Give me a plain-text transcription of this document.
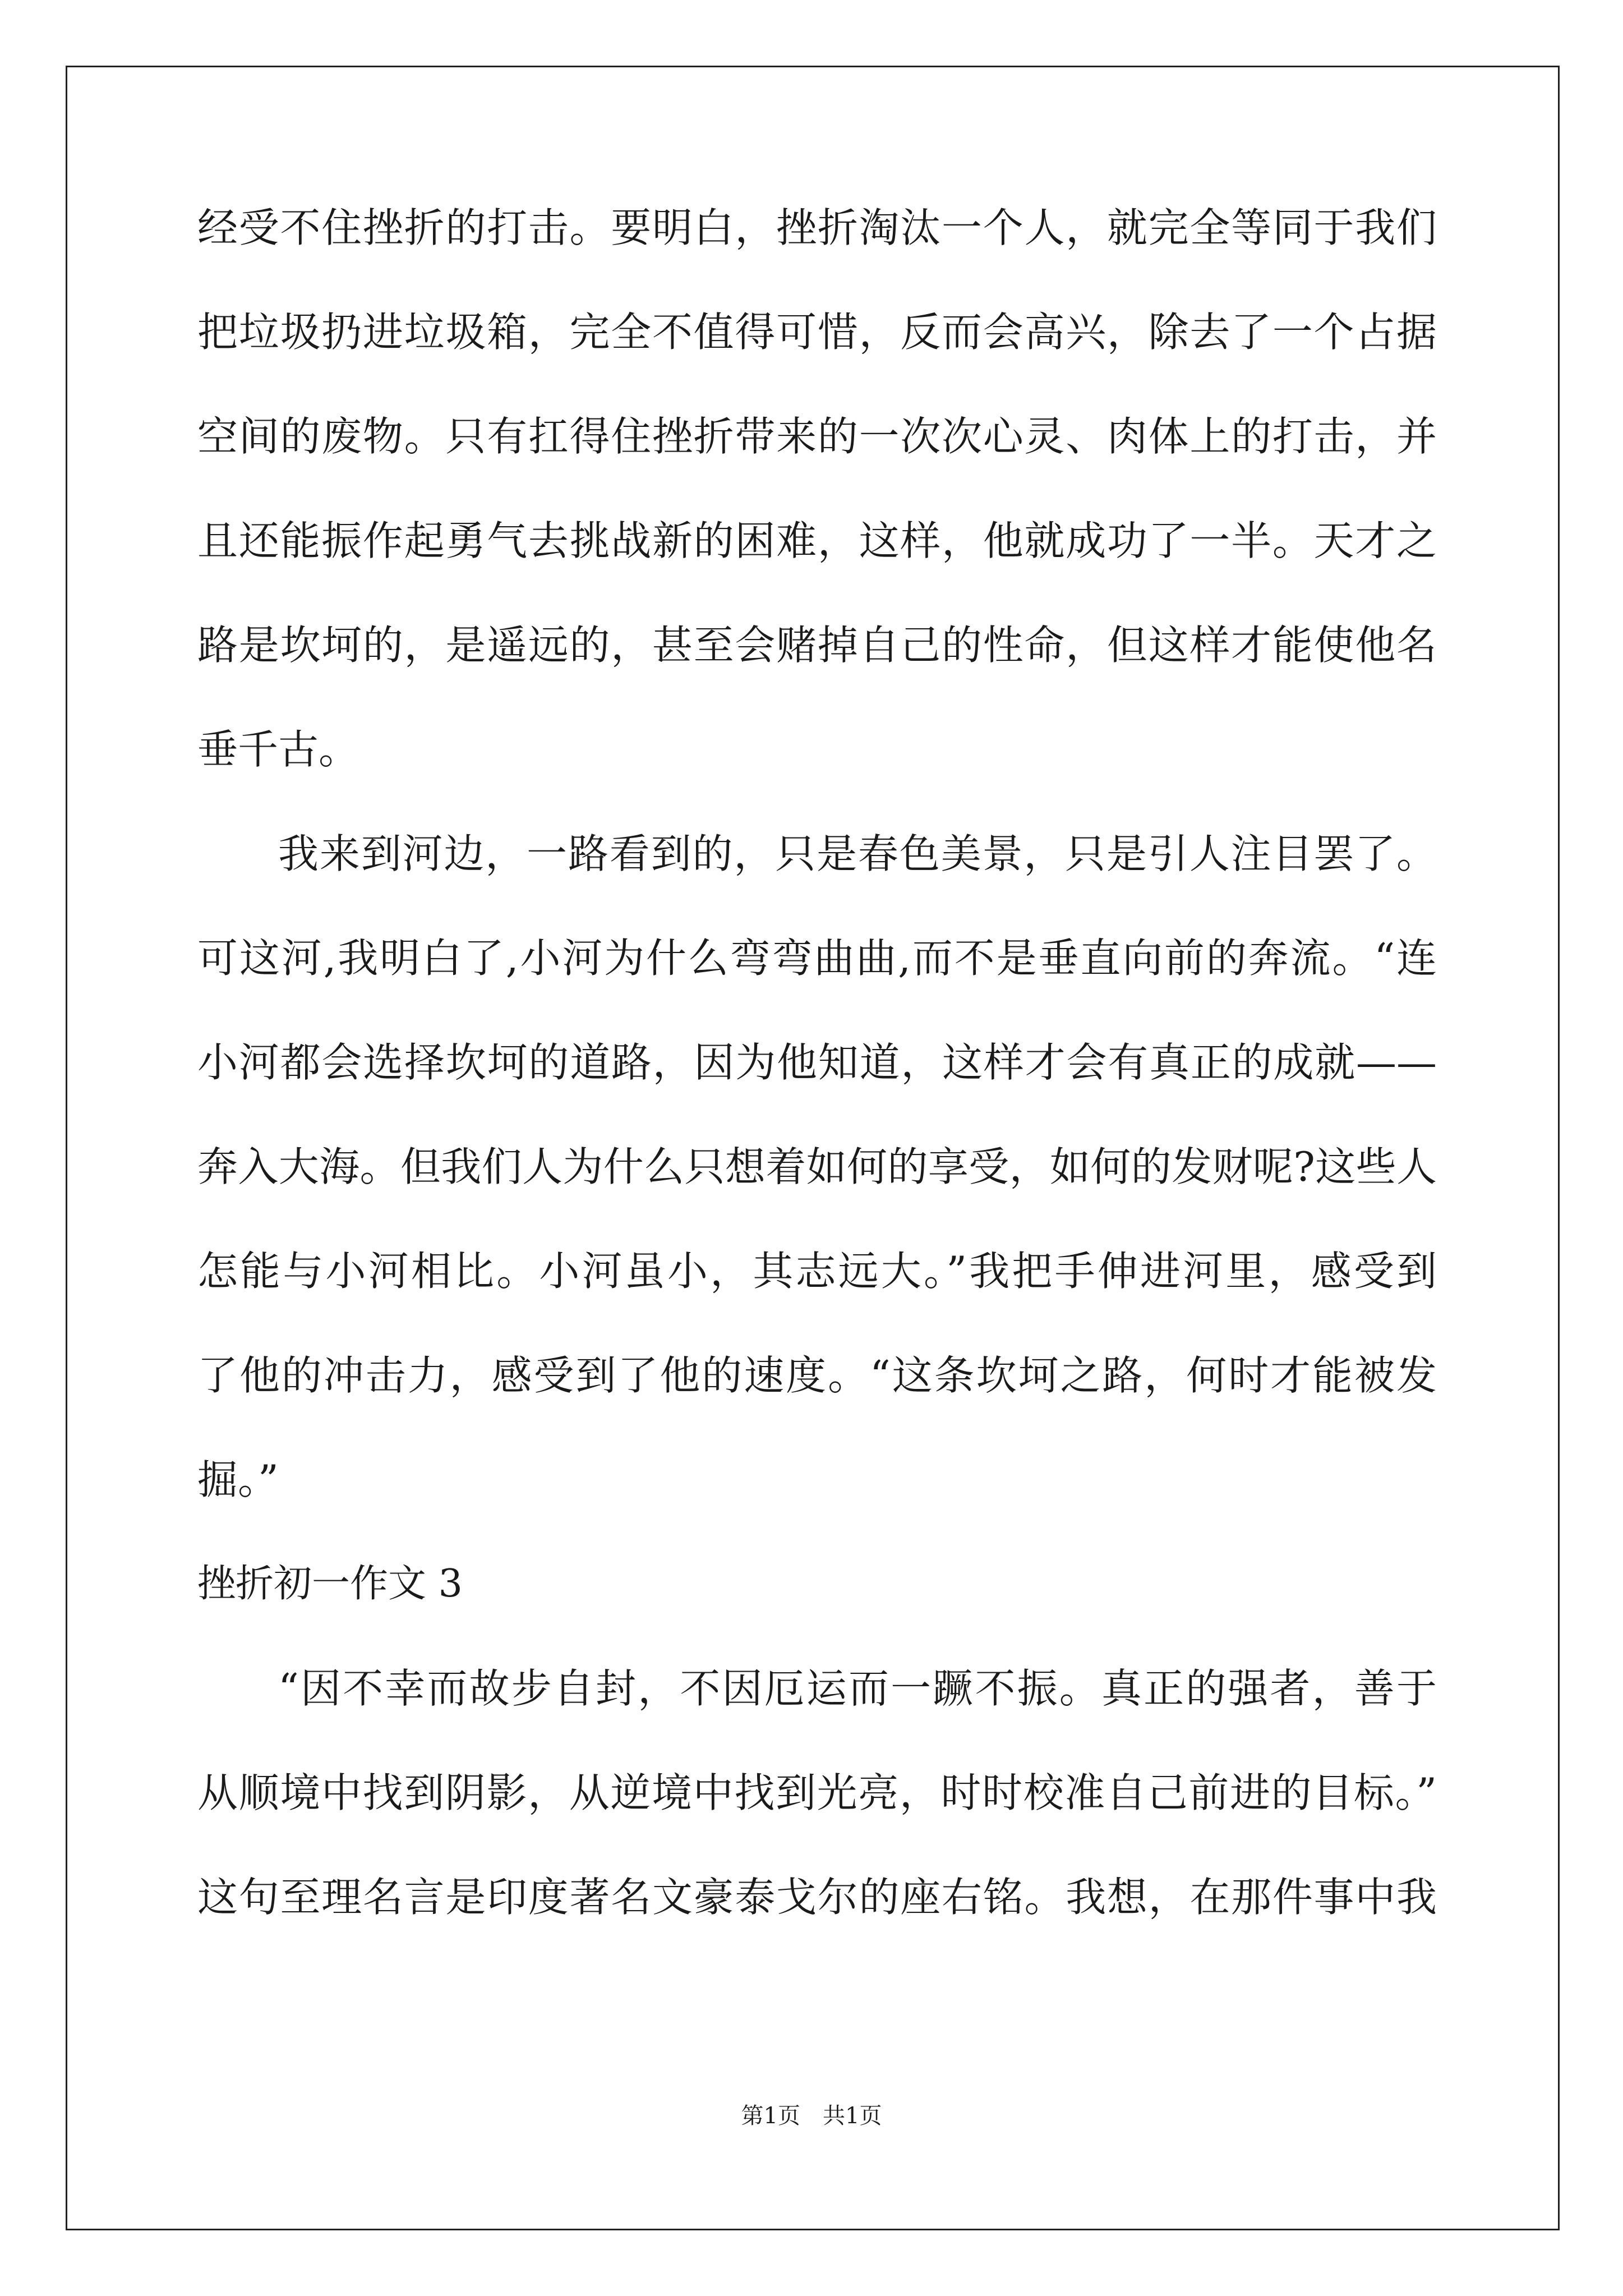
经受不住挫折的打击。要明白，挫折淘汰一个人，就完全等同于我们
把垃圾扔进垃圾箱，完全不值得可惜，反而会高兴，除去了一个占据
空间的废物。只有扛得住挫折带来的一次次心灵、肉体上的打击，并
且还能振作起勇气去挑战新的困难，这样，他就成功了一半。天才之
路是坎坷的，是遥远的，甚至会赌掉自己的性命，但这样才能使他名
垂千古。
我来到河边，一路看到的，只是春色美景，只是引人注目罢了。
可这河,我明白了,小河为什么弯弯曲曲,而不是垂直向前的奔流。“连
小河都会选择坎坷的道路，因为他知道，这样才会有真正的成就——
奔入大海。但我们人为什么只想着如何的享受，如何的发财呢?这些人
怎能与小河相比。小河虽小，其志远大。”我把手伸进河里，感受到
了他的冲击力，感受到了他的速度。“这条坎坷之路，何时才能被发
掘。”
挫折初一作文 3
“因不幸而故步自封，不因厄运而一蹶不振。真正的强者，善于
从顺境中找到阴影，从逆境中找到光亮，时时校准自己前进的目标。”
这句至理名言是印度著名文豪泰戈尔的座右铭。我想，在那件事中我
第1页　共1页
